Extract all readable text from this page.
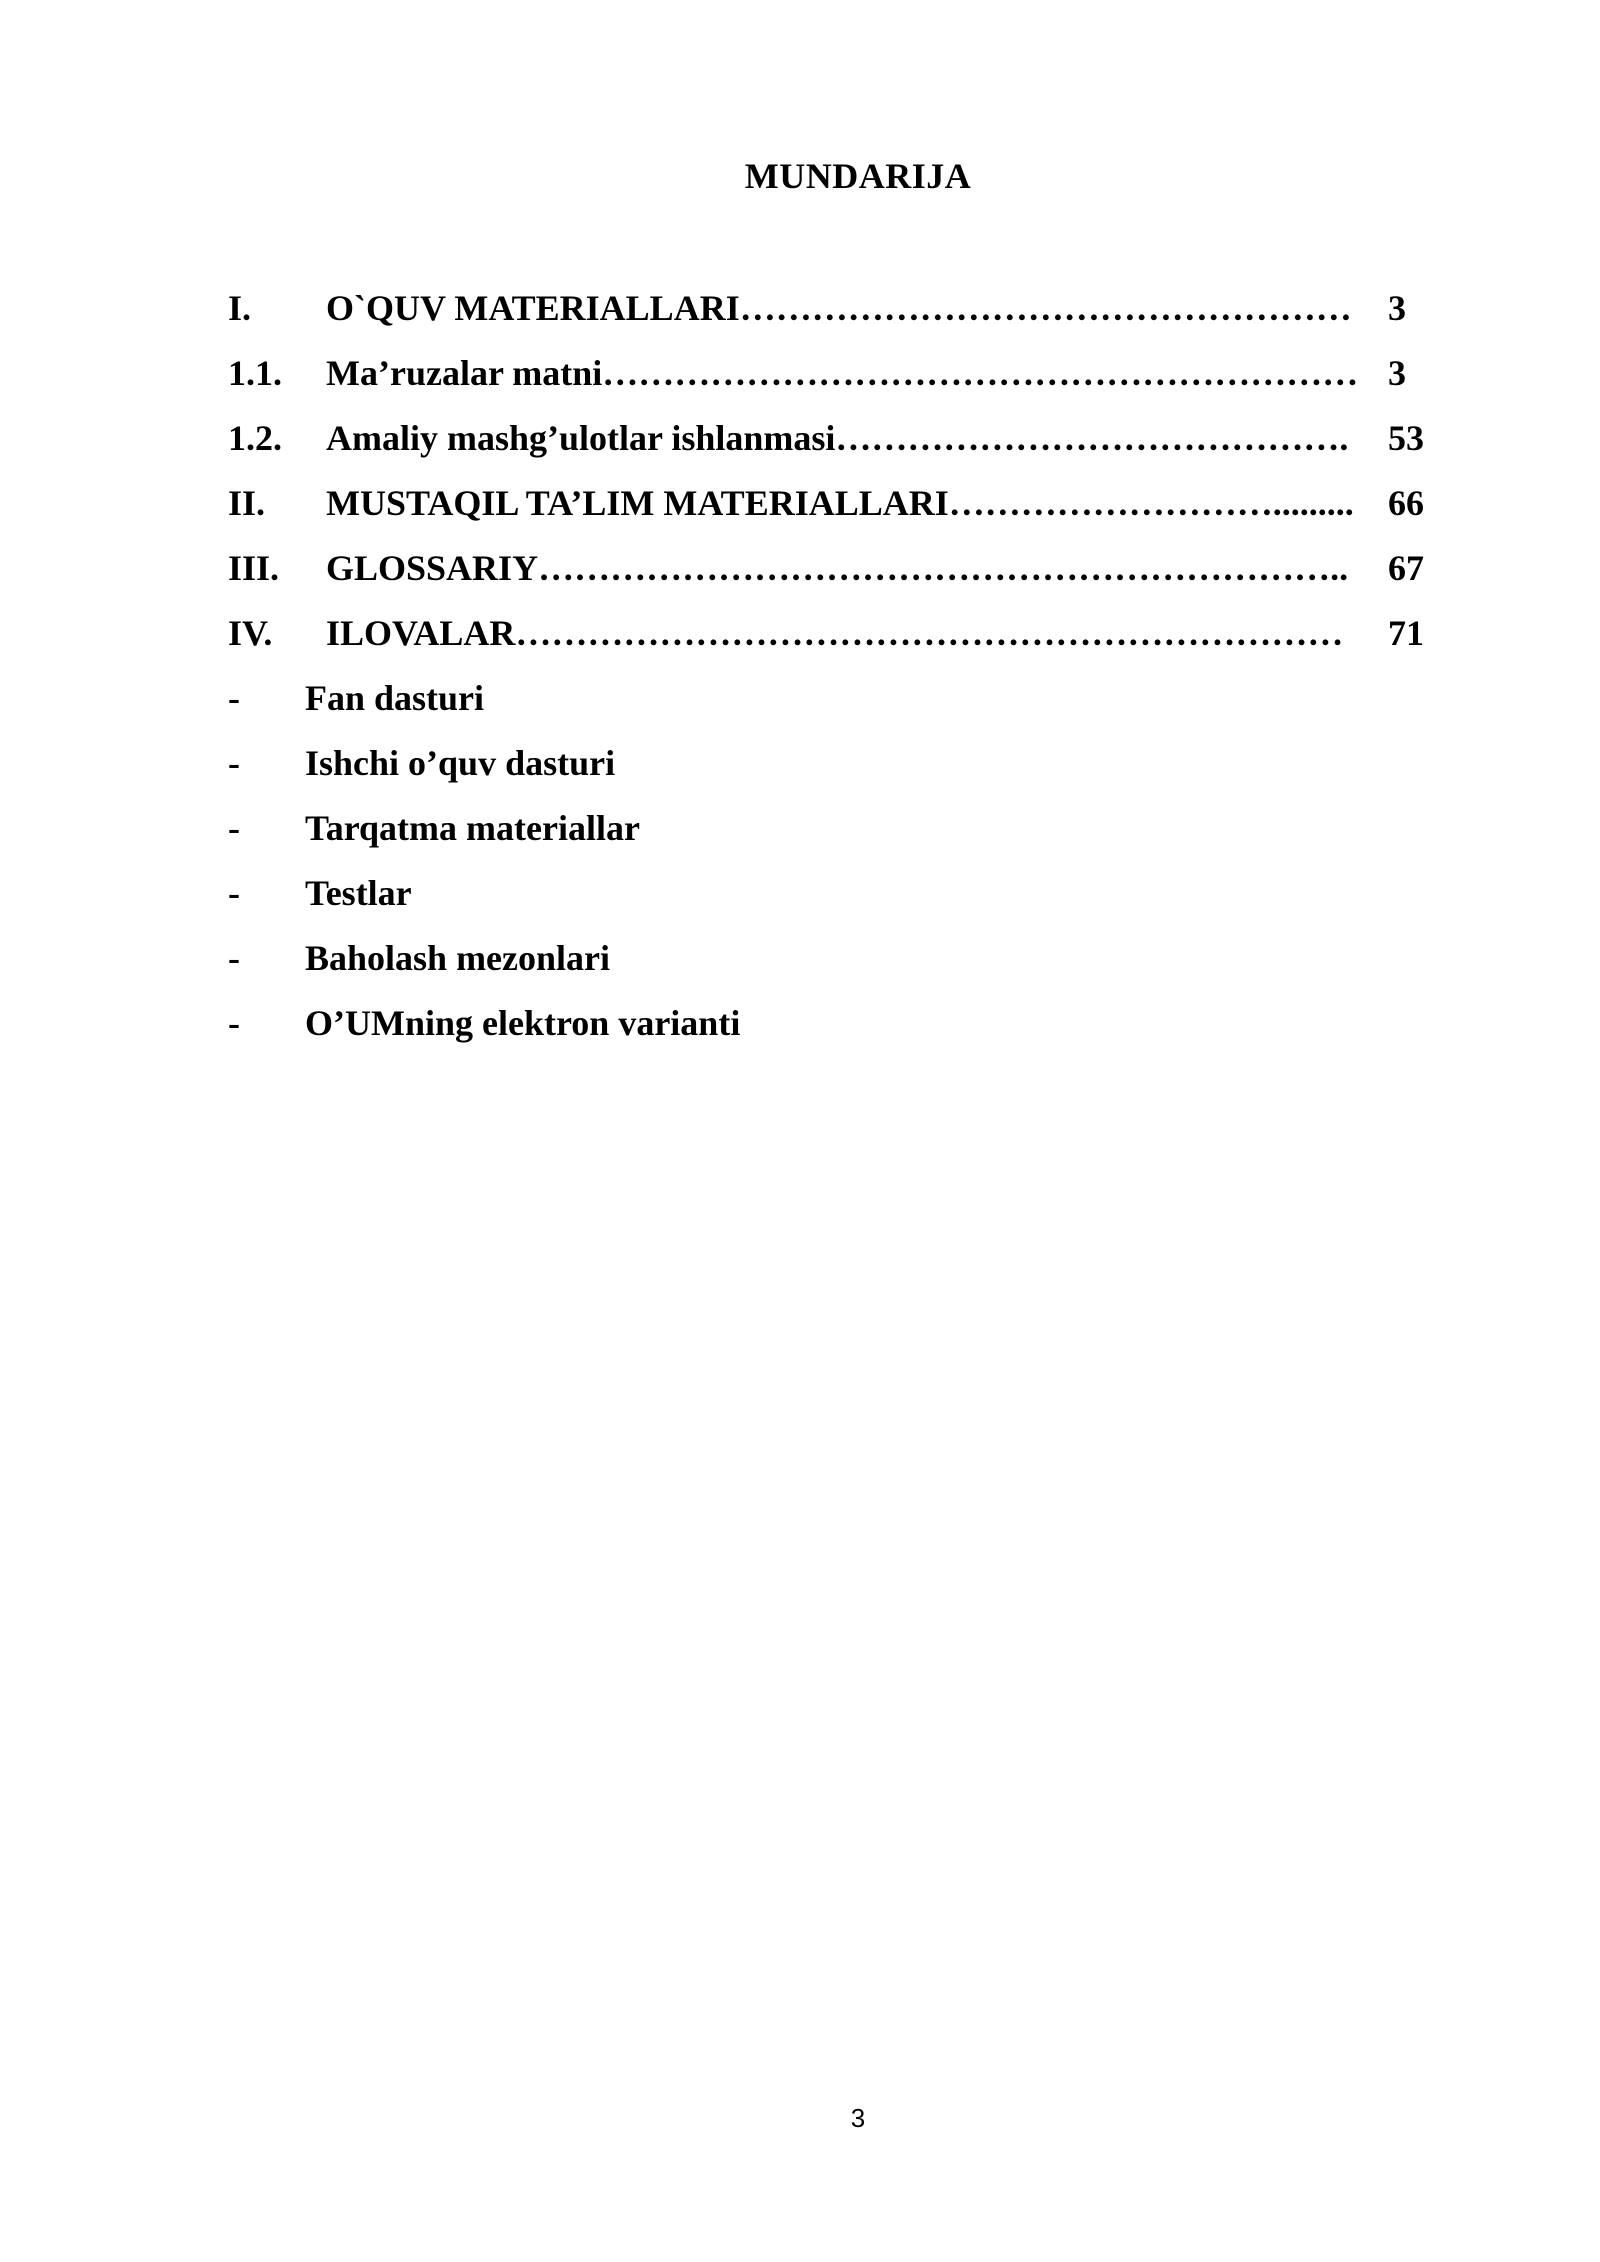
MUNDARIJA
I. O`QUV MATERIALLARI…………………………………………… 3
1.1. Ma’ruzalar matni……………………………………………………… 3
1.2. Amaliy mashg’ulotlar ishlanmasi……………………………………. 53
II. MUSTAQIL TA’LIM MATERIALLARI………………………......... 66
III. GLOSSARIY………………………………………………………….. 67
IV. ILOVALAR…………………………………………………………… 71
- Fan dasturi
- Ishchi o’quv dasturi
- Tarqatma materiallar
- Testlar
- Baholash mezonlari
- O’UMning elektron varianti
3
